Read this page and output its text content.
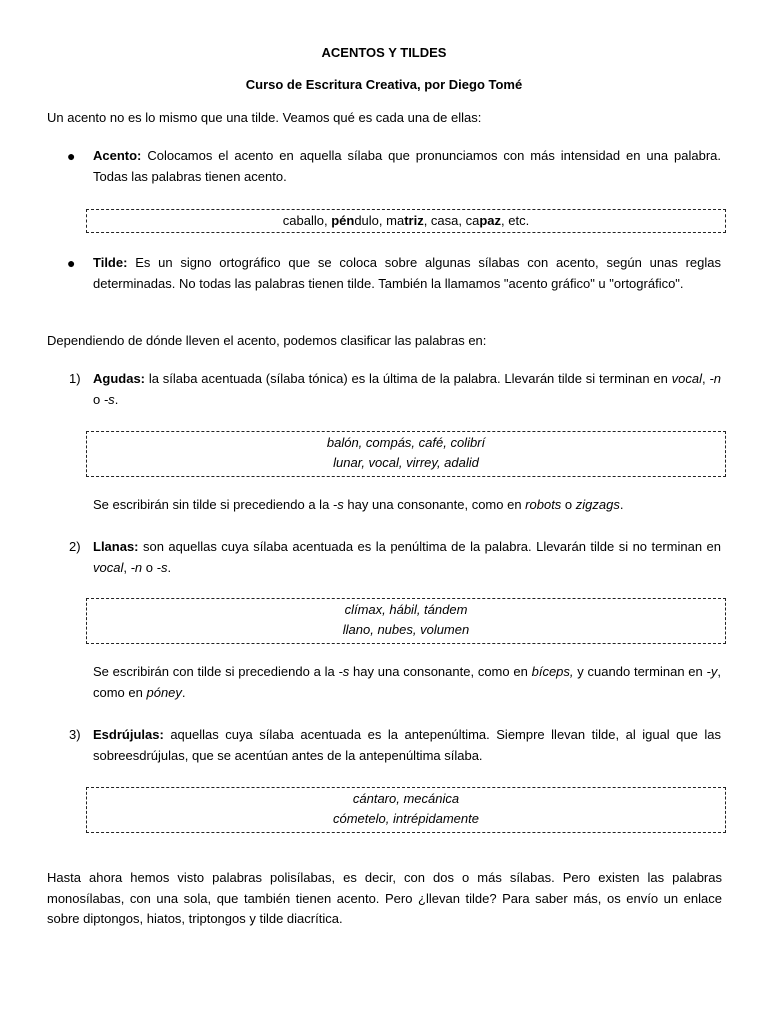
ACENTOS Y TILDES
Curso de Escritura Creativa, por Diego Tomé
Un acento no es lo mismo que una tilde. Veamos qué es cada una de ellas:
● Acento: Colocamos el acento en aquella sílaba que pronunciamos con más intensidad en una palabra. Todas las palabras tienen acento.
caballo, péndulo, matriz, casa, capaz, etc.
● Tilde: Es un signo ortográfico que se coloca sobre algunas sílabas con acento, según unas reglas determinadas. No todas las palabras tienen tilde. También la llamamos "acento gráfico" u "ortográfico".
Dependiendo de dónde lleven el acento, podemos clasificar las palabras en:
1) Agudas: la sílaba acentuada (sílaba tónica) es la última de la palabra. Llevarán tilde si terminan en vocal, -n o -s.
balón, compás, café, colibrí
lunar, vocal, virrey, adalid
Se escribirán sin tilde si precediendo a la -s hay una consonante, como en robots o zigzags.
2) Llanas: son aquellas cuya sílaba acentuada es la penúltima de la palabra. Llevarán tilde si no terminan en vocal, -n o -s.
clímax, hábil, tándem
llano, nubes, volumen
Se escribirán con tilde si precediendo a la -s hay una consonante, como en bíceps, y cuando terminan en -y, como en póney.
3) Esdrújulas: aquellas cuya sílaba acentuada es la antepenúltima. Siempre llevan tilde, al igual que las sobreesdrújulas, que se acentúan antes de la antepenúltima sílaba.
cántaro, mecánica
cómetelo, intrépidamente
Hasta ahora hemos visto palabras polisílabas, es decir, con dos o más sílabas. Pero existen las palabras monosílabas, con una sola, que también tienen acento. Pero ¿llevan tilde? Para saber más, os envío un enlace sobre diptongos, hiatos, triptongos y tilde diacrítica.
